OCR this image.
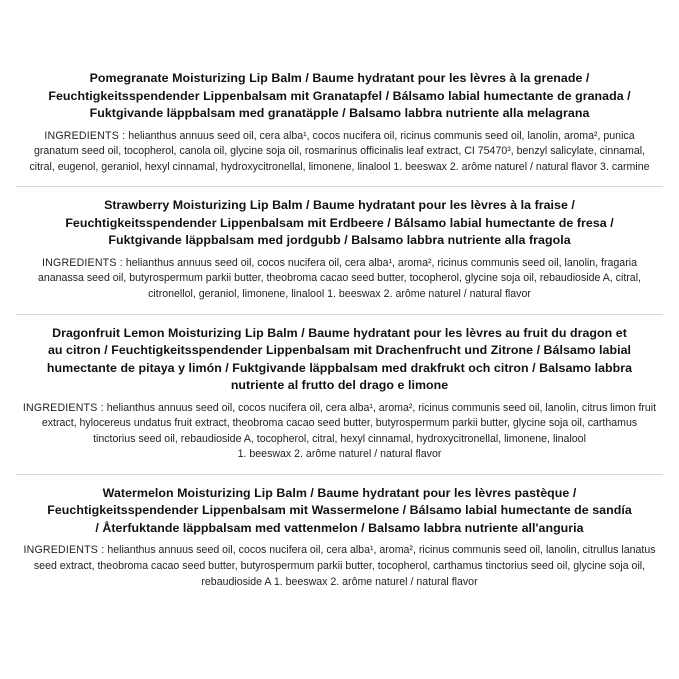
Pomegranate Moisturizing Lip Balm / Baume hydratant pour les lèvres à la grenade / Feuchtigkeitsspendender Lippenbalsam mit Granatapfel / Bálsamo labial humectante de granada / Fuktgivande läppbalsam med granatäpple / Balsamo labbra nutriente alla melagrana
INGREDIENTS : helianthus annuus seed oil, cera alba¹, cocos nucifera oil, ricinus communis seed oil, lanolin, aroma², punica granatum seed oil, tocopherol, canola oil, glycine soja oil, rosmarinus officinalis leaf extract, CI 75470³, benzyl salicylate, cinnamal, citral, eugenol, geraniol, hexyl cinnamal, hydroxycitronellal, limonene, linalool 1. beeswax 2. arôme naturel / natural flavor 3. carmine
Strawberry Moisturizing Lip Balm / Baume hydratant pour les lèvres à la fraise / Feuchtigkeitsspendender Lippenbalsam mit Erdbeere / Bálsamo labial humectante de fresa / Fuktgivande läppbalsam med jordgubb / Balsamo labbra nutriente alla fragola
INGREDIENTS : helianthus annuus seed oil, cocos nucifera oil, cera alba¹, aroma², ricinus communis seed oil, lanolin, fragaria ananassa seed oil, butyrospermum parkii butter, theobroma cacao seed butter, tocopherol, glycine soja oil, rebaudioside A, citral, citronellol, geraniol, limonene, linalool 1. beeswax 2. arôme naturel / natural flavor
Dragonfruit Lemon Moisturizing Lip Balm / Baume hydratant pour les lèvres au fruit du dragon et au citron / Feuchtigkeitsspendender Lippenbalsam mit Drachenfrucht und Zitrone / Bálsamo labial humectante de pitaya y limón / Fuktgivande läppbalsam med drakfrukt och citron / Balsamo labbra nutriente al frutto del drago e limone
INGREDIENTS : helianthus annuus seed oil, cocos nucifera oil, cera alba¹, aroma², ricinus communis seed oil, lanolin, citrus limon fruit extract, hylocereus undatus fruit extract, theobroma cacao seed butter, butyrospermum parkii butter, glycine soja oil, carthamus tinctorius seed oil, rebaudioside A, tocopherol, citral, hexyl cinnamal, hydroxycitronellal, limonene, linalool 1. beeswax 2. arôme naturel / natural flavor
Watermelon Moisturizing Lip Balm / Baume hydratant pour les lèvres pastèque / Feuchtigkeitsspendender Lippenbalsam mit Wassermelone / Bálsamo labial humectante de sandía / Återfuktande läppbalsam med vattenmelon / Balsamo labbra nutriente all'anguria
INGREDIENTS : helianthus annuus seed oil, cocos nucifera oil, cera alba¹, aroma², ricinus communis seed oil, lanolin, citrullus lanatus seed extract, theobroma cacao seed butter, butyrospermum parkii butter, tocopherol, carthamus tinctorius seed oil, glycine soja oil, rebaudioside A 1. beeswax 2. arôme naturel / natural flavor
